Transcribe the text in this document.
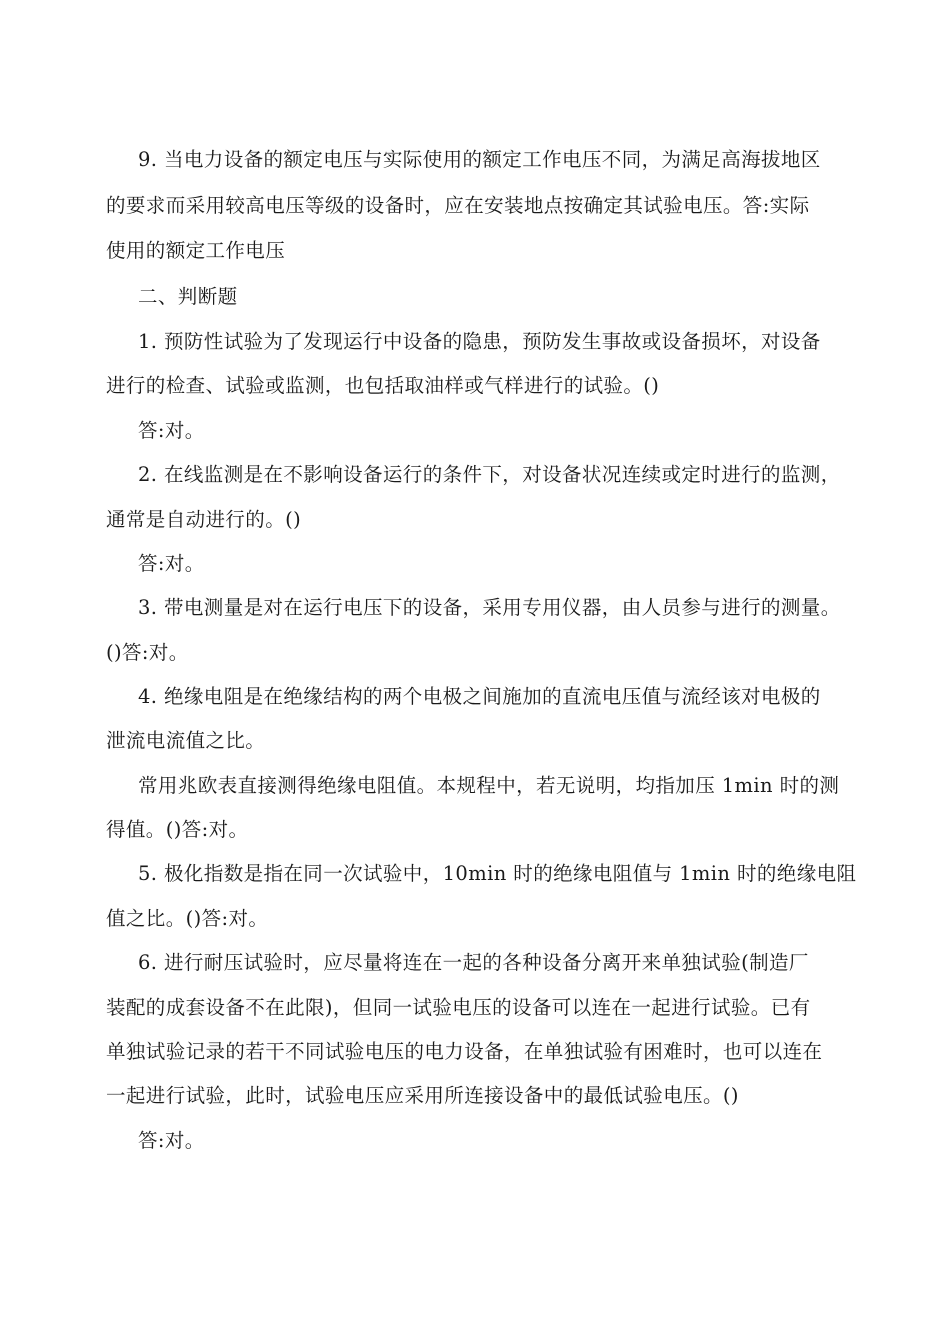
9. 当电力设备的额定电压与实际使用的额定工作电压不同，为满足高海拔地区
的要求而采用较高电压等级的设备时，应在安装地点按确定其试验电压。答:实际
使用的额定工作电压
二、判断题
1. 预防性试验为了发现运行中设备的隐患，预防发生事故或设备损坏，对设备
进行的检查、试验或监测，也包括取油样或气样进行的试验。()
答:对。
2. 在线监测是在不影响设备运行的条件下，对设备状况连续或定时进行的监测，
通常是自动进行的。()
答:对。
3. 带电测量是对在运行电压下的设备，采用专用仪器，由人员参与进行的测量。
()答:对。
4. 绝缘电阻是在绝缘结构的两个电极之间施加的直流电压值与流经该对电极的
泄流电流值之比。
常用兆欧表直接测得绝缘电阻值。本规程中，若无说明，均指加压 1min 时的测
得值。()答:对。
5. 极化指数是指在同一次试验中，10min 时的绝缘电阻值与 1min 时的绝缘电阻
值之比。()答:对。
6. 进行耐压试验时，应尽量将连在一起的各种设备分离开来单独试验(制造厂
装配的成套设备不在此限)，但同一试验电压的设备可以连在一起进行试验。已有
单独试验记录的若干不同试验电压的电力设备，在单独试验有困难时，也可以连在
一起进行试验，此时，试验电压应采用所连接设备中的最低试验电压。()
答:对。
